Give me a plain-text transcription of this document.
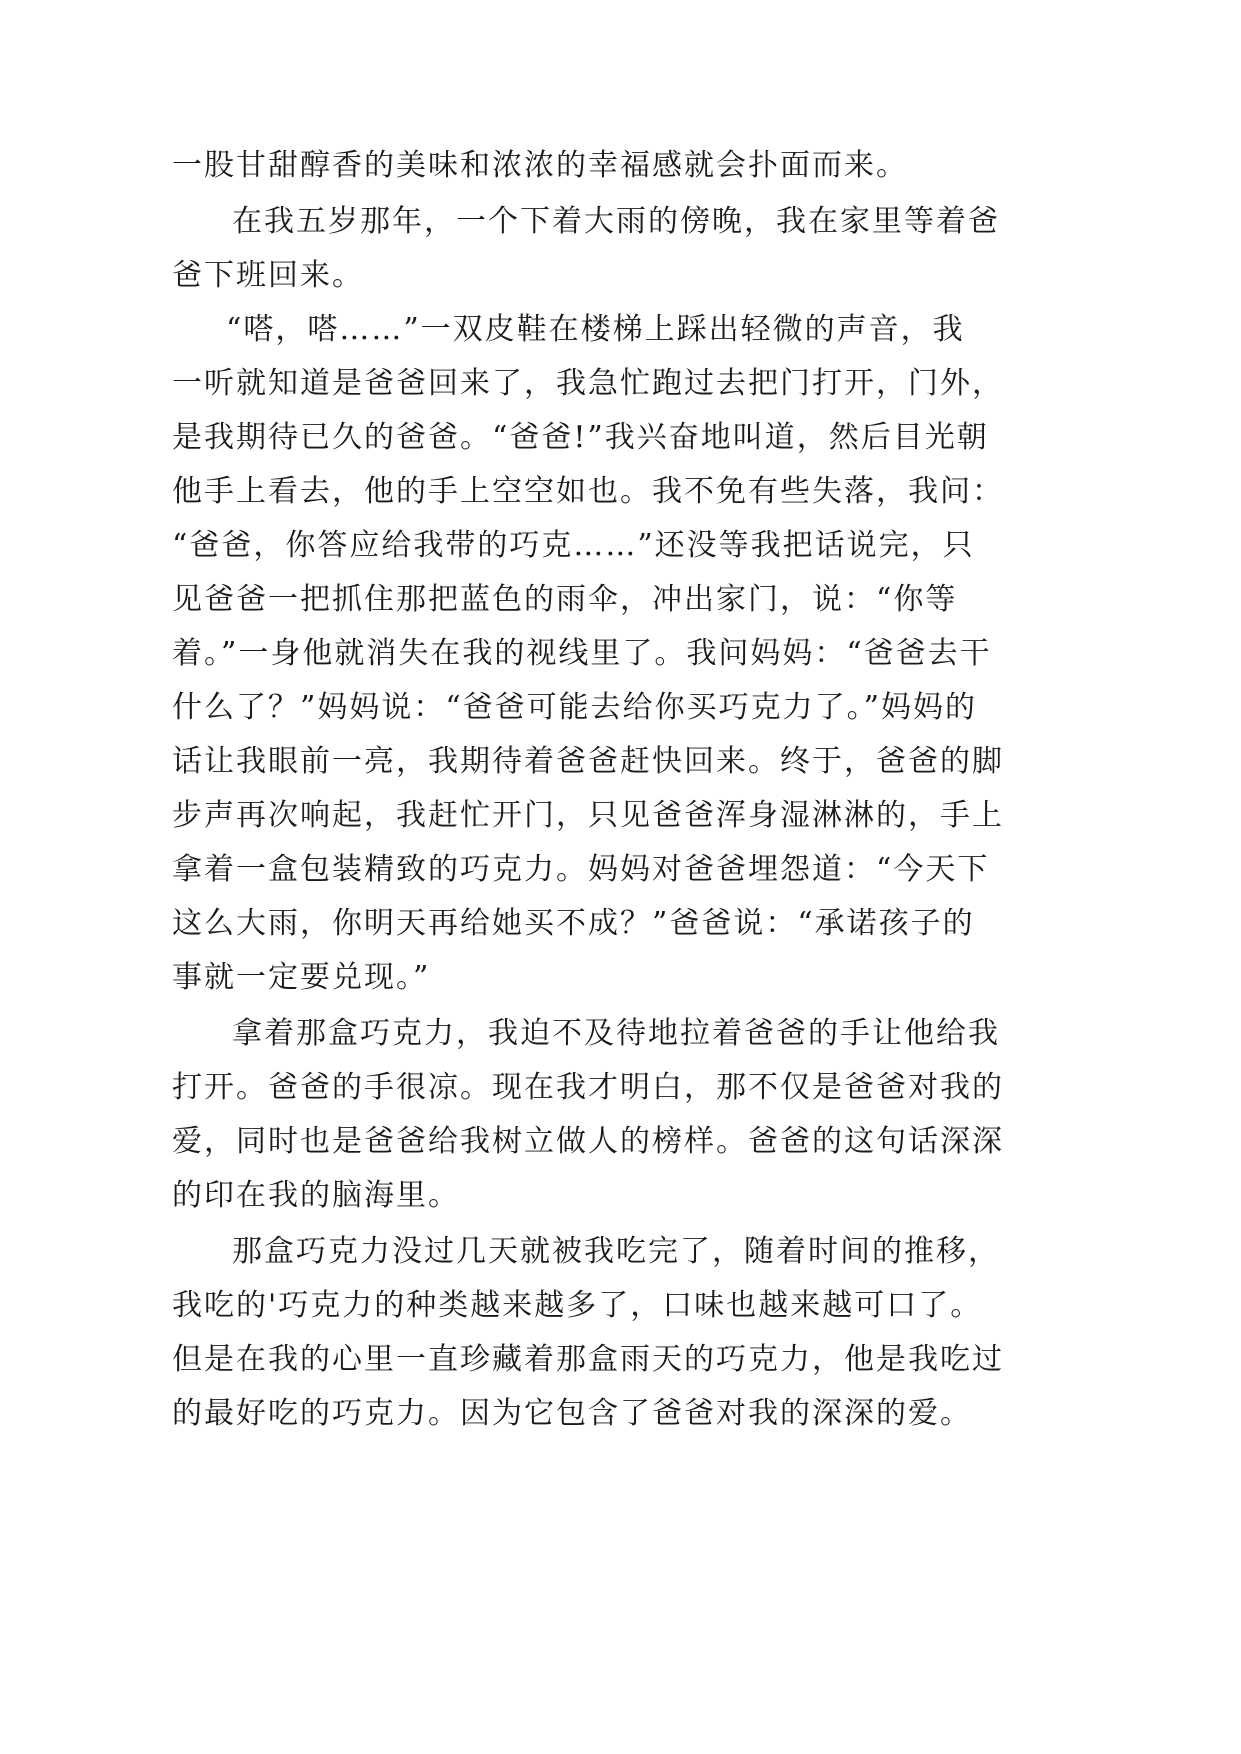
一股甘甜醇香的美味和浓浓的幸福感就会扑面而来。
在我五岁那年，一个下着大雨的傍晚，我在家里等着爸
爸下班回来。
“嗒，嗒……”一双皮鞋在楼梯上踩出轻微的声音，我
一听就知道是爸爸回来了，我急忙跑过去把门打开，门外，
是我期待已久的爸爸。“爸爸!”我兴奋地叫道，然后目光朝
他手上看去，他的手上空空如也。我不免有些失落，我问：
“爸爸，你答应给我带的巧克……”还没等我把话说完，只
见爸爸一把抓住那把蓝色的雨伞，冲出家门，说：“你等
着。”一身他就消失在我的视线里了。我问妈妈：“爸爸去干
什么了？”妈妈说：“爸爸可能去给你买巧克力了。”妈妈的
话让我眼前一亮，我期待着爸爸赶快回来。终于，爸爸的脚
步声再次响起，我赶忙开门，只见爸爸浑身湿淋淋的，手上
拿着一盒包装精致的巧克力。妈妈对爸爸埋怨道：“今天下
这么大雨，你明天再给她买不成？”爸爸说：“承诺孩子的
事就一定要兑现。”
拿着那盒巧克力，我迫不及待地拉着爸爸的手让他给我
打开。爸爸的手很凉。现在我才明白，那不仅是爸爸对我的
爱，同时也是爸爸给我树立做人的榜样。爸爸的这句话深深
的印在我的脑海里。
那盒巧克力没过几天就被我吃完了，随着时间的推移，
我吃的'巧克力的种类越来越多了，口味也越来越可口了。
但是在我的心里一直珍藏着那盒雨天的巧克力，他是我吃过
的最好吃的巧克力。因为它包含了爸爸对我的深深的爱。
